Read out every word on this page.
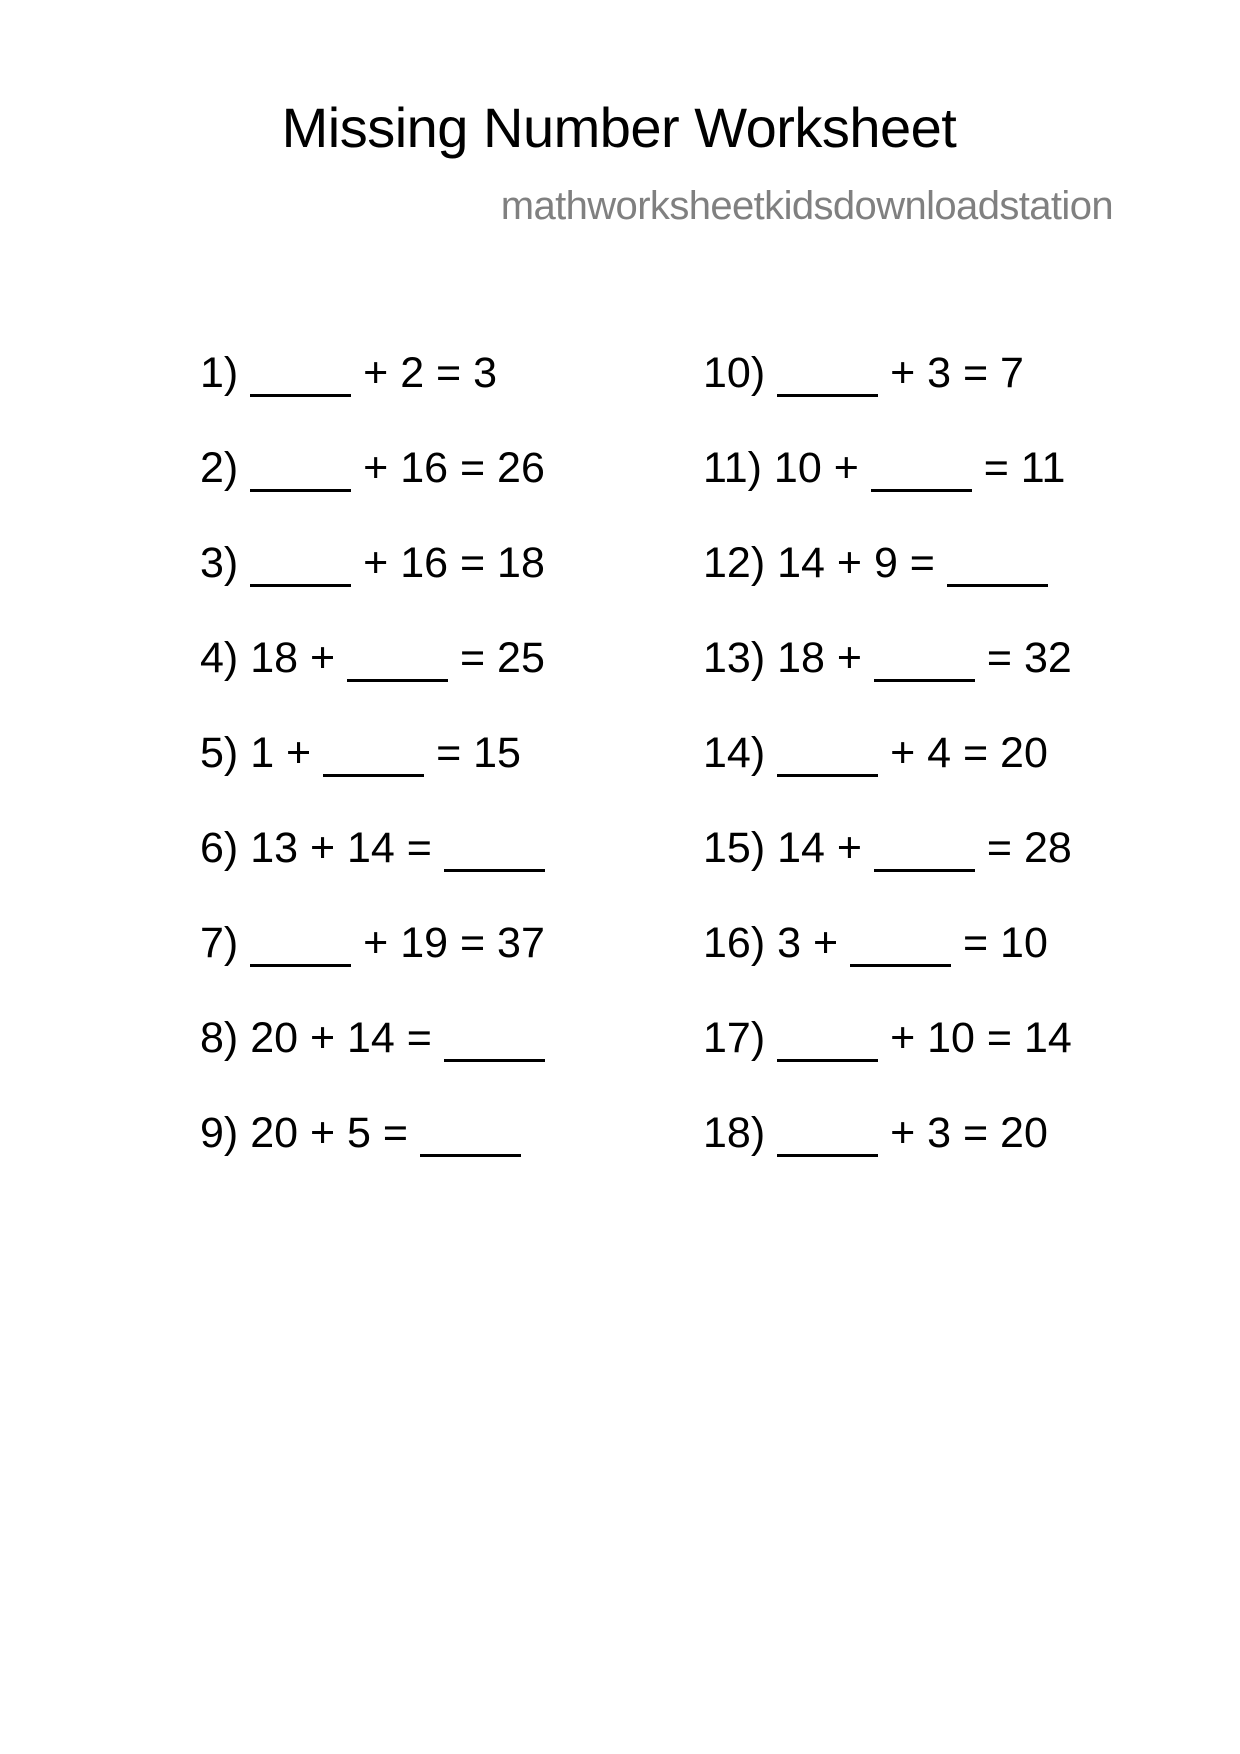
Missing Number Worksheet
mathworksheetkidsdownloadstation
1)	+ 2 = 3
2)	+ 16 = 26
3)	+ 16 = 18
4) 18 +	= 25
5) 1 +	= 15
6) 13 + 14 =
7)	+ 19 = 37
8) 20 + 14 =
9) 20 + 5 =
10)	+ 3 = 7
11) 10 +	= 11
12) 14 + 9 =
13) 18 +	= 32
14)	+ 4 = 20
15) 14 +	= 28
16) 3 +	= 10
17)	+ 10 = 14
18)	+ 3 = 20
